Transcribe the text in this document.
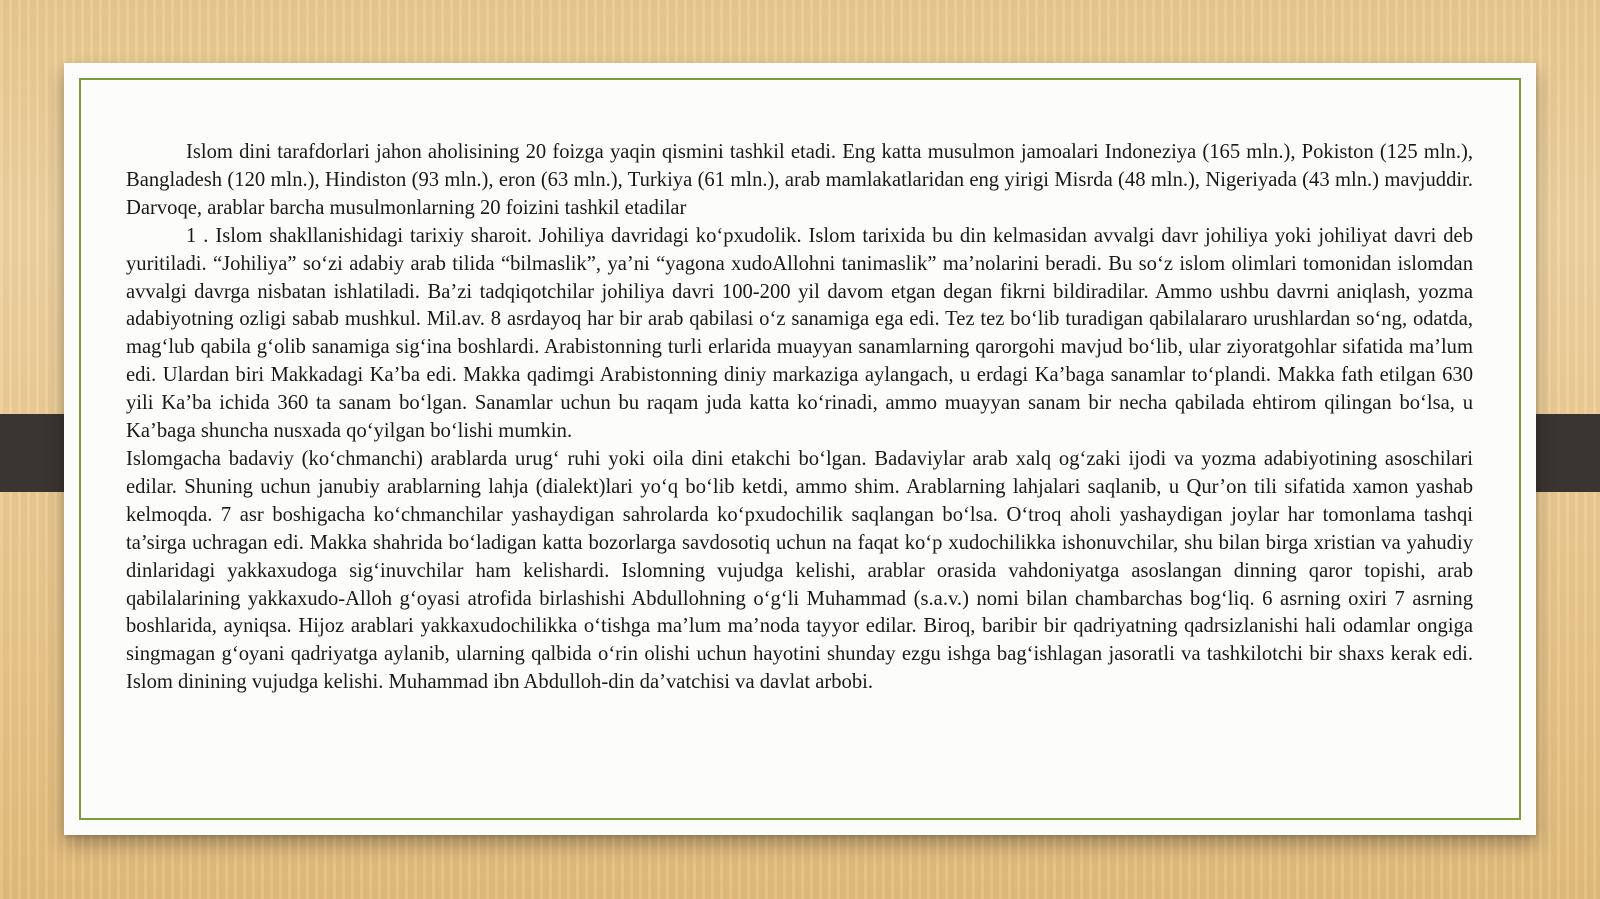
Islom dini tarafdorlari jahon aholisining 20 foizga yaqin qismini tashkil etadi. Eng katta musulmon jamoalari Indoneziya (165 mln.), Pokiston (125 mln.), Bangladesh (120 mln.), Hindiston (93 mln.), eron (63 mln.), Turkiya (61 mln.), arab mamlakatlaridan eng yirigi Misrda (48 mln.), Nigeriyada (43 mln.) mavjuddir. Darvoqe, arablar barcha musulmonlarning 20 foizini tashkil etadilar

1 . Islom shakllanishidagi tarixiy sharoit. Johiliya davridagi ko‘pxudolik. Islom tarixida bu din kelmasidan avvalgi davr johiliya yoki johiliyat davri deb yuritiladi. “Johiliya” so‘zi adabiy arab tilida “bilmaslik”, ya’ni “yagona xudoAllohni tanimaslik” ma’nolarini beradi. Bu so‘z islom olimlari tomonidan islomdan avvalgi davrga nisbatan ishlatiladi. Ba’zi tadqiqotchilar johiliya davri 100-200 yil davom etgan degan fikrni bildiradilar. Ammo ushbu davrni aniqlash, yozma adabiyotning ozligi sabab mushkul. Mil.av. 8 asrdayoq har bir arab qabilasi o‘z sanamiga ega edi. Tez tez bo‘lib turadigan qabilalararo urushlardan so‘ng, odatda, mag‘lub qabila g‘olib sanamiga sig‘ina boshlardi. Arabistonning turli erlarida muayyan sanamlarning qarorgohi mavjud bo‘lib, ular ziyoratgohlar sifatida ma’lum edi. Ulardan biri Makkadagi Ka’ba edi. Makka qadimgi Arabistonning diniy markaziga aylangach, u erdagi Ka’baga sanamlar to‘plandi. Makka fath etilgan 630 yili Ka’ba ichida 360 ta sanam bo‘lgan. Sanamlar uchun bu raqam juda katta ko‘rinadi, ammo muayyan sanam bir necha qabilada ehtirom qilingan bo‘lsa, u Ka’baga shuncha nusxada qo‘yilgan bo‘lishi mumkin.

Islomgacha badaviy (ko‘chmanchi) arablarda urug‘ ruhi yoki oila dini etakchi bo‘lgan. Badaviylar arab xalq og‘zaki ijodi va yozma adabiyotining asoschilari edilar. Shuning uchun janubiy arablarning lahja (dialekt)lari yo‘q bo‘lib ketdi, ammo shim. Arablarning lahjalari saqlanib, u Qur’on tili sifatida xamon yashab kelmoqda. 7 asr boshigacha ko‘chmanchilar yashaydigan sahrolarda ko‘pxudochilik saqlangan bo‘lsa. O‘troq aholi yashaydigan joylar har tomonlama tashqi ta’sirga uchragan edi. Makka shahrida bo‘ladigan katta bozorlarga savdosotiq uchun na faqat ko‘p xudochilikka ishonuvchilar, shu bilan birga xristian va yahudiy dinlaridagi yakkaxudoga sig‘inuvchilar ham kelishardi. Islomning vujudga kelishi, arablar orasida vahdoniyatga asoslangan dinning qaror topishi, arab qabilalarining yakkaxudo-Alloh g‘oyasi atrofida birlashishi Abdullohning o‘g‘li Muhammad (s.a.v.) nomi bilan chambarchas bog‘liq. 6 asrning oxiri 7 asrning boshlarida, ayniqsa. Hijoz arablari yakkaxudochilikka o‘tishga ma’lum ma’noda tayyor edilar. Biroq, baribir bir qadriyatning qadrsizlanishi hali odamlar ongiga singmagan g‘oyani qadriyatga aylanib, ularning qalbida o‘rin olishi uchun hayotini shunday ezgu ishga bag‘ishlagan jasoratli va tashkilotchi bir shaxs kerak edi. Islom dinining vujudga kelishi. Muhammad ibn Abdulloh-din da’vatchisi va davlat arbobi.
